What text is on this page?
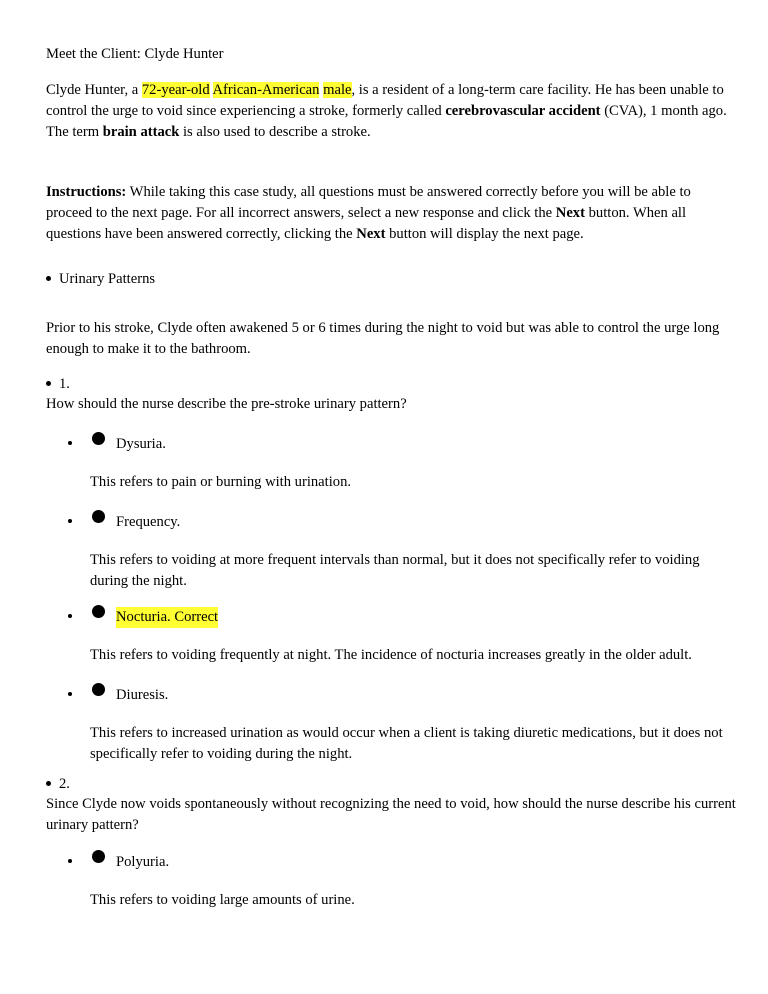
Meet the Client: Clyde Hunter

Clyde Hunter, a 72-year-old African-American male, is a resident of a long-term care facility. He has been unable to control the urge to void since experiencing a stroke, formerly called cerebrovascular accident (CVA), 1 month ago. The term brain attack is also used to describe a stroke.

Instructions: While taking this case study, all questions must be answered correctly before you will be able to proceed to the next page. For all incorrect answers, select a new response and click the Next button. When all questions have been answered correctly, clicking the Next button will display the next page.

Urinary Patterns

Prior to his stroke, Clyde often awakened 5 or 6 times during the night to void but was able to control the urge long enough to make it to the bathroom.

1.

How should the nurse describe the pre-stroke urinary pattern?

Dysuria.
This refers to pain or burning with urination.
Frequency.
This refers to voiding at more frequent intervals than normal, but it does not specifically refer to voiding during the night.
Nocturia. Correct
This refers to voiding frequently at night. The incidence of nocturia increases greatly in the older adult.
Diuresis.
This refers to increased urination as would occur when a client is taking diuretic medications, but it does not specifically refer to voiding during the night.
2.

Since Clyde now voids spontaneously without recognizing the need to void, how should the nurse describe his current urinary pattern?

Polyuria.
This refers to voiding large amounts of urine.
